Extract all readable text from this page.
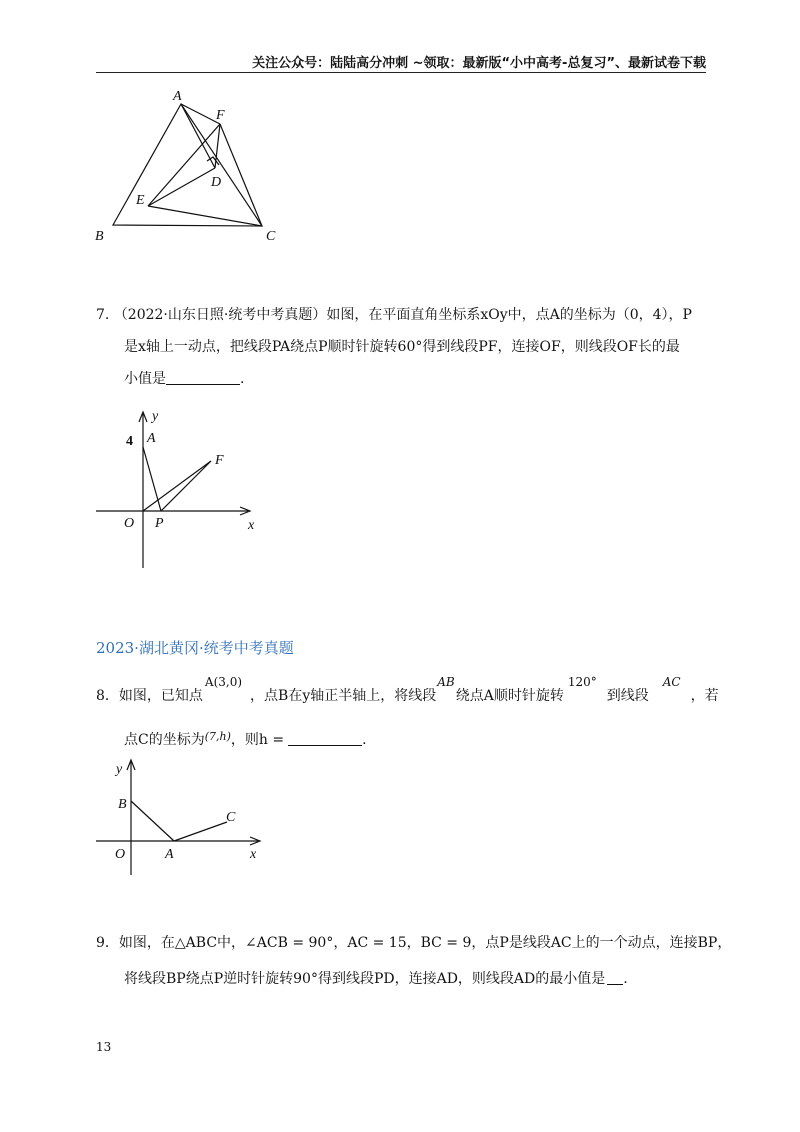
关注公众号：陆陆高分冲刺 ~领取：最新版“小中高考-总复习”、最新试卷下载
A
F
D
E
B	C
7. （2022·山东日照·统考中考真题）如图，在平面直角坐标系xOy中，点A的坐标为（0，4），P
是x轴上一动点，把线段PA绕点P顺时针旋转60°得到线段PF，连接OF，则线段OF长的最
小值是	.
y
4 A
F
O P	x
2023·湖北黄冈·统考中考真题
8．如图，已知点A(3,0)，点B在y轴正半轴上，将线段AB绕点A顺时针旋转120°到线段AC，若
点C的坐标为$^{(7,h)}$，则h =	.
y
B
C
O	A	x
9．如图，在△ABC中，∠ACB = 90°，AC = 15，BC = 9，点P是线段AC上的一个动点，连接BP，
将线段BP绕点P逆时针旋转90°得到线段PD，连接AD，则线段AD的最小值是 .
13
